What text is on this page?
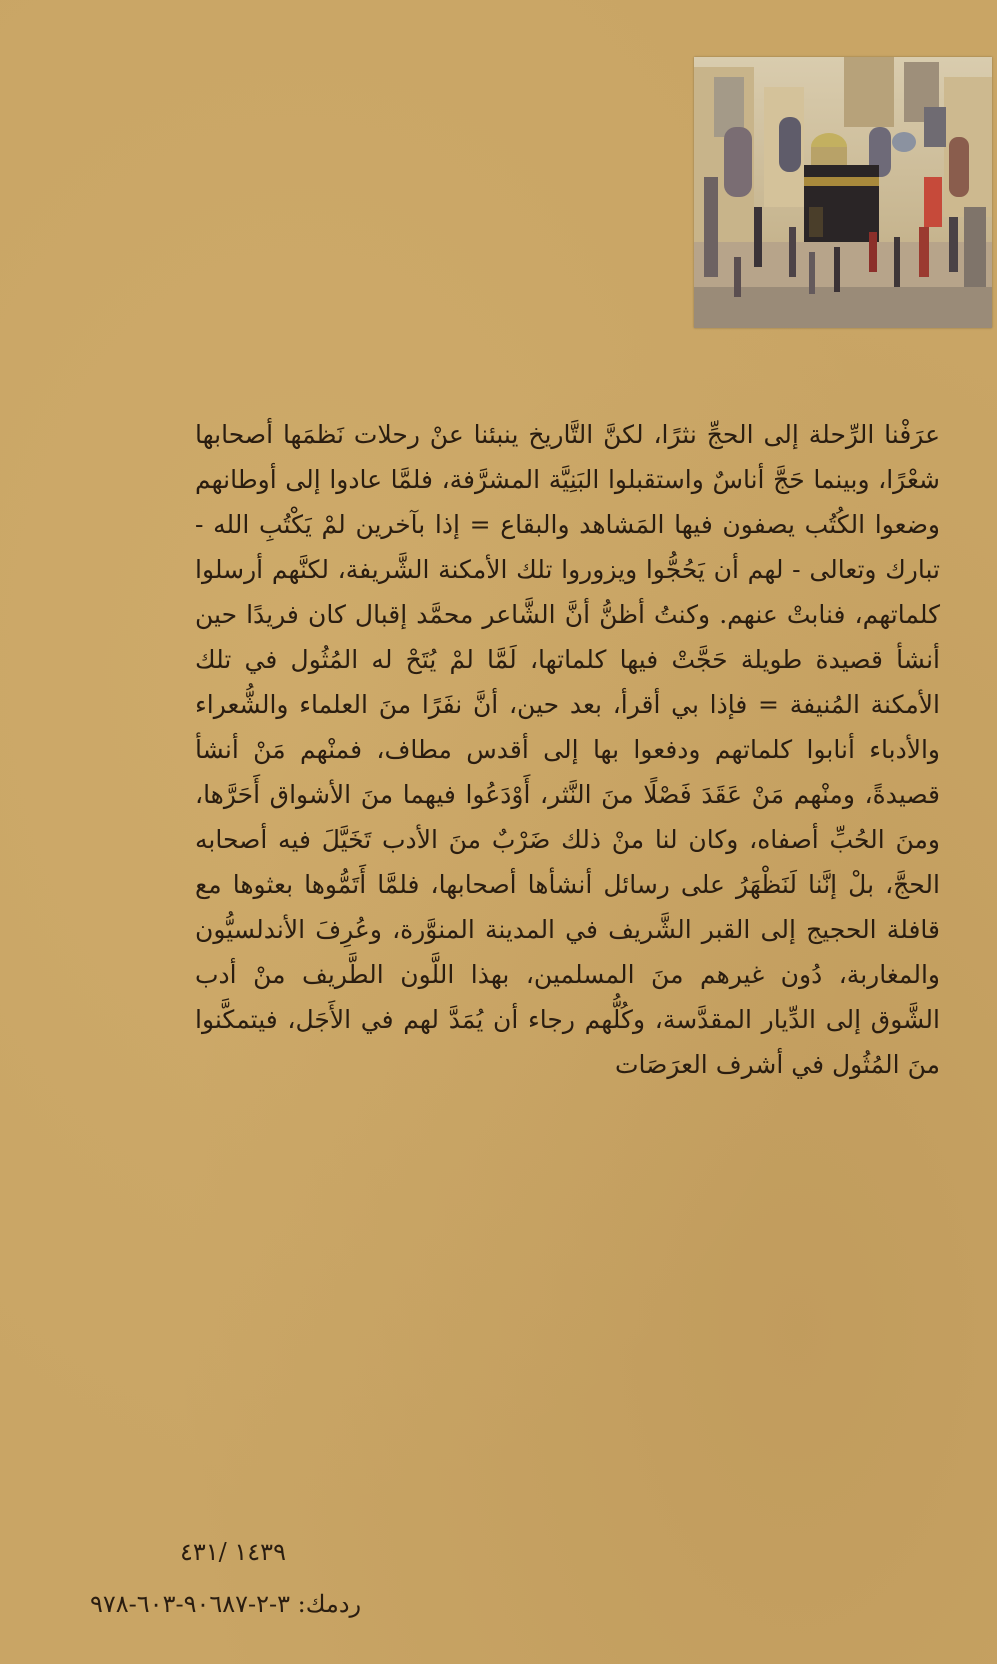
عرَفْنا الرِّحلة إلى الحجِّ نثرًا، لكنَّ التَّاريخ ينبئنا عنْ رحلات نَظمَها أصحابها شعْرًا، وبينما حَجَّ أناسٌ واستقبلوا البَنِيَّة المشرَّفة، فلمَّا عادوا إلى أوطانهم وضعوا الكُتُب يصفون فيها المَشاهد والبقاع = إذا بآخرين لمْ يَكْتُبِ الله - تبارك وتعالى - لهم أن يَحُجُّوا ويزوروا تلك الأمكنة الشَّريفة، لكنَّهم أرسلوا كلماتهم، فنابتْ عنهم. وكنتُ أظنُّ أنَّ الشَّاعر محمَّد إقبال كان فريدًا حين أنشأ قصيدة طويلة حَجَّتْ فيها كلماتها، لَمَّا لمْ يُتَحْ له المُثُول في تلك الأمكنة المُنيفة = فإذا بي أقرأ، بعد حين، أنَّ نفَرًا منَ العلماء والشُّعراء والأدباء أنابوا كلماتهم ودفعوا بها إلى أقدس مطاف، فمنْهم مَنْ أنشأ قصيدةً، ومنْهم مَنْ عَقَدَ فَصْلًا منَ النَّثر، أَوْدَعُوا فيهما منَ الأشواق أَحَرَّها، ومنَ الحُبِّ أصفاه، وكان لنا منْ ذلك ضَرْبٌ منَ الأدب تَخَيَّلَ فيه أصحابه الحجَّ، بلْ إنَّنا لَنَظْهَرُ على رسائل أنشأها أصحابها، فلمَّا أَتَمُّوها بعثوها مع قافلة الحجيج إلى القبر الشَّريف في المدينة المنوَّرة، وعُرِفَ الأندلسيُّون والمغاربة، دُون غيرهم منَ المسلمين، بهذا اللَّون الطَّريف منْ أدب الشَّوق إلى الدِّيار المقدَّسة، وكُلُّهم رجاء أن يُمَدَّ لهم في الأَجَل، فيتمكَّنوا منَ المُثُول في أشرف العرَصَات

١٤٣٩ /٤٣١
ردمك: ٣-٢-٩٠٦٨٧-٦٠٣-٩٧٨
